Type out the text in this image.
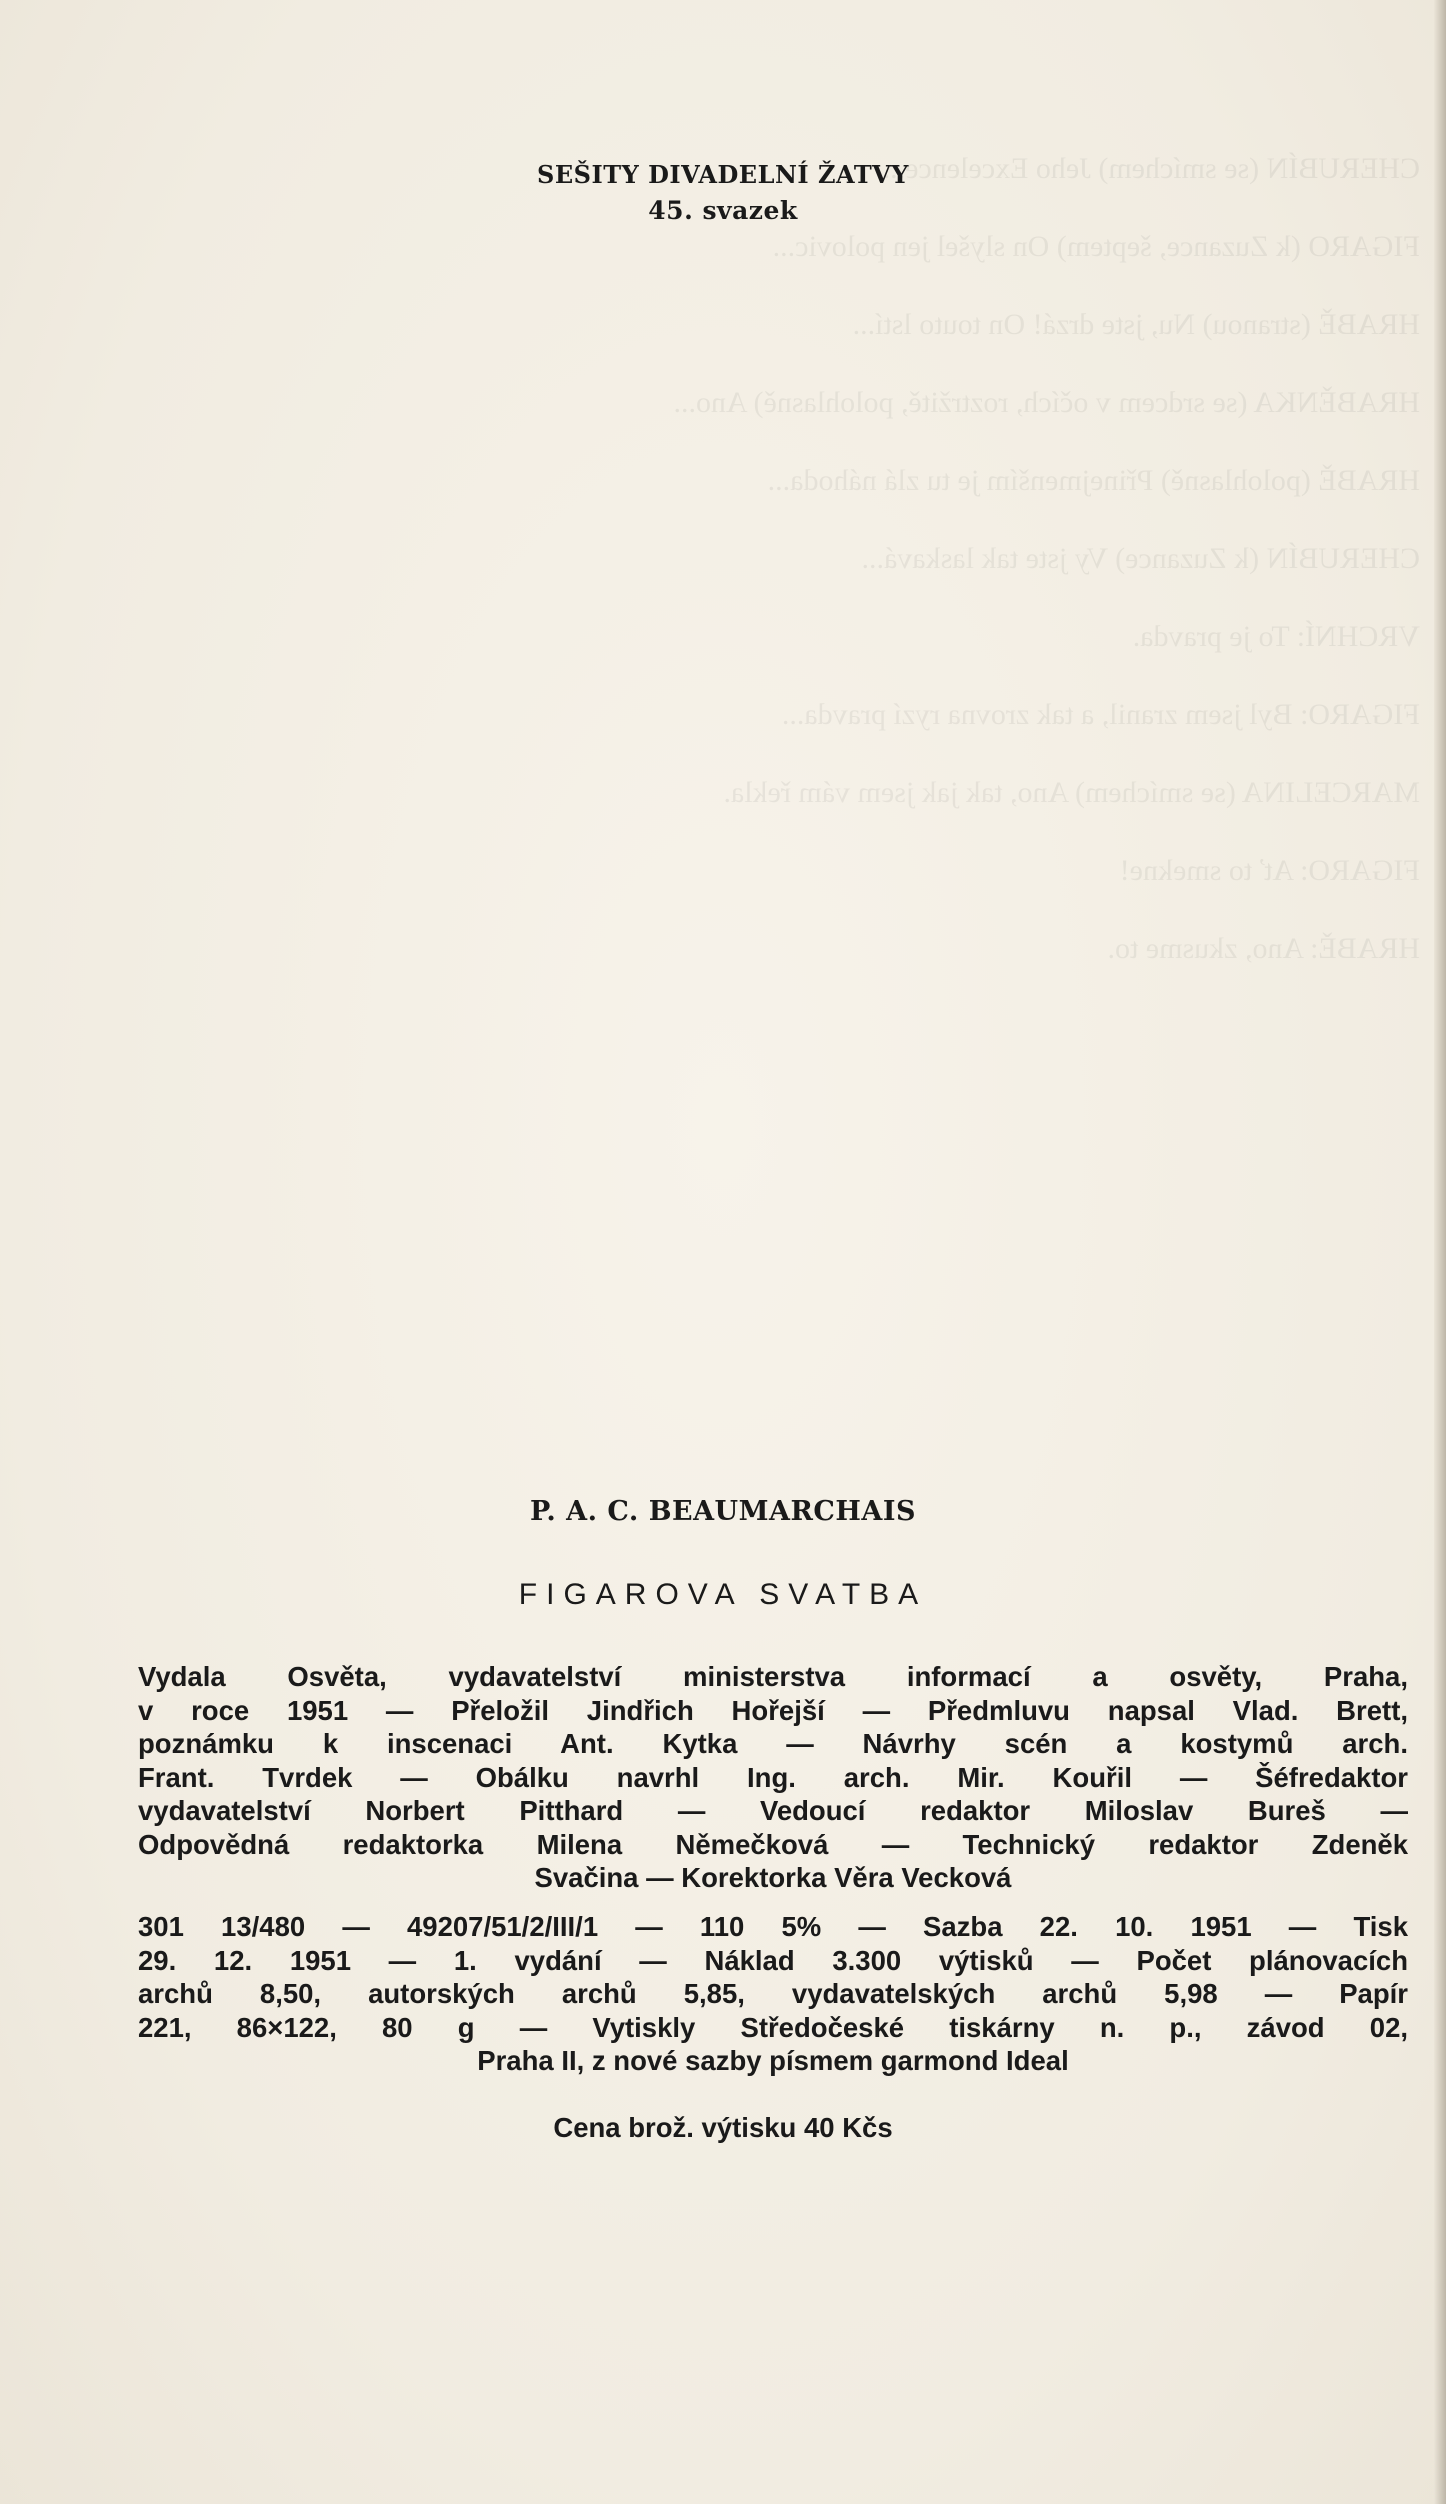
CHERUBÍN (se smíchem) Jeho Excelence...
FIGARO (k Zuzance, šeptem) On slyšel jen polovic...
HRABĚ (stranou) Nu, jste drzá! On touto lstí...
HRABĚNKA (se srdcem v očích, roztržitě, polohlasně) Ano...
HRABĚ (polohlasně) Přinejmenším je tu zlá náhoda...
CHERUBÍN (k Zuzance) Vy jste tak laskavá...
VRCHNÍ: To je pravda.
FIGARO: Byl jsem zranil, a tak zrovna ryzí pravda...
MARCELINA (se smíchem) Ano, tak jak jsem vám řekla.
FIGARO: Ať to smekne!
HRABĚ: Ano, zkusme to.
SEŠITY DIVADELNÍ ŽATVY
45. svazek
P. A. C. BEAUMARCHAIS
FIGAROVA SVATBA
Vydala Osvěta, vydavatelství ministerstva informací a osvěty, Praha,
v roce 1951 — Přeložil Jindřich Hořejší — Předmluvu napsal Vlad. Brett,
poznámku k inscenaci Ant. Kytka — Návrhy scén a kostymů arch.
Frant. Tvrdek — Obálku navrhl Ing. arch. Mir. Kouřil — Šéfredaktor
vydavatelství Norbert Pitthard — Vedoucí redaktor Miloslav Bureš —
Odpovědná redaktorka Milena Němečková — Technický redaktor Zdeněk
Svačina — Korektorka Věra Vecková
301 13/480 — 49207/51/2/III/1 — 110 5% — Sazba 22. 10. 1951 — Tisk
29. 12. 1951 — 1. vydání — Náklad 3.300 výtisků — Počet plánovacích
archů 8,50, autorských archů 5,85, vydavatelských archů 5,98 — Papír
221, 86×122, 80 g — Vytiskly Středočeské tiskárny n. p., závod 02,
Praha II, z nové sazby písmem garmond Ideal
Cena brož. výtisku 40 Kčs
